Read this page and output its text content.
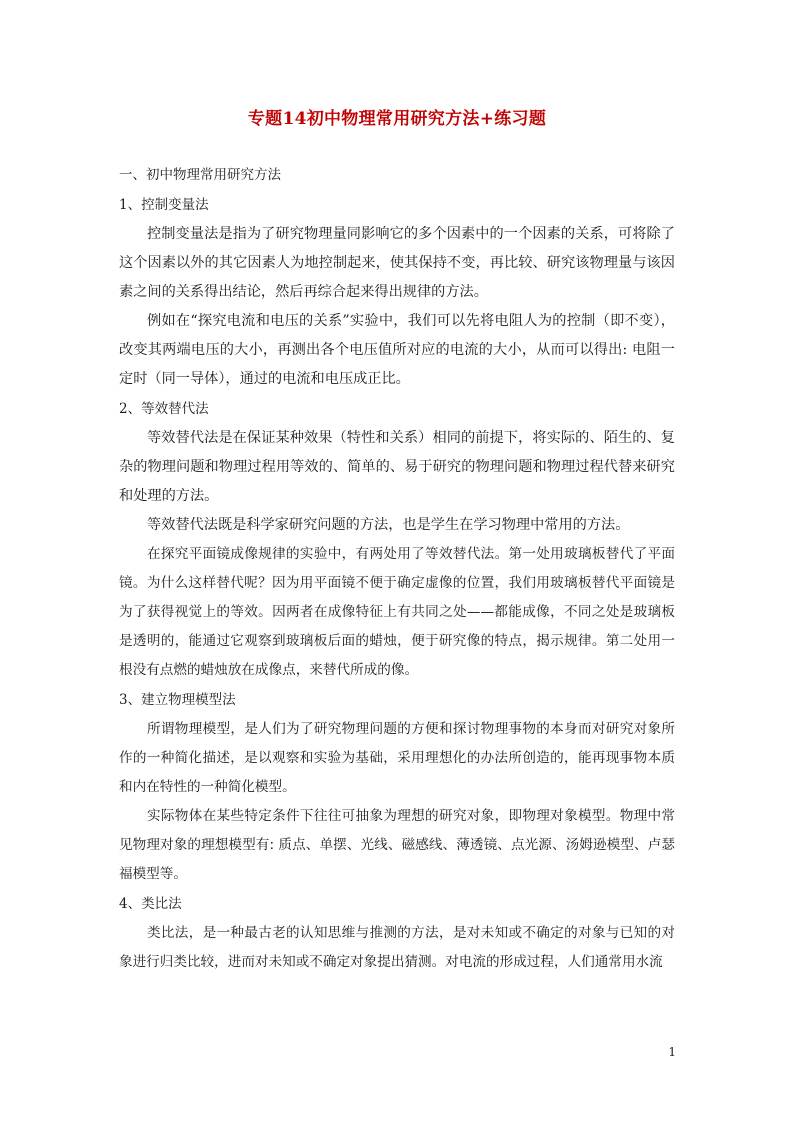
专题14初中物理常用研究方法+练习题
一、初中物理常用研究方法
1、控制变量法

控制变量法是指为了研究物理量同影响它的多个因素中的一个因素的关系，可将除了这个因素以外的其它因素人为地控制起来，使其保持不变，再比较、研究该物理量与该因素之间的关系得出结论，然后再综合起来得出规律的方法。

例如在“探究电流和电压的关系”实验中，我们可以先将电阻人为的控制（即不变），改变其两端电压的大小，再测出各个电压值所对应的电流的大小，从而可以得出: 电阻一定时（同一导体），通过的电流和电压成正比。

2、等效替代法

等效替代法是在保证某种效果（特性和关系）相同的前提下，将实际的、陌生的、复杂的物理问题和物理过程用等效的、简单的、易于研究的物理问题和物理过程代替来研究和处理的方法。

等效替代法既是科学家研究问题的方法，也是学生在学习物理中常用的方法。

在探究平面镜成像规律的实验中，有两处用了等效替代法。第一处用玻璃板替代了平面镜。为什么这样替代呢？因为用平面镜不便于确定虚像的位置，我们用玻璃板替代平面镜是为了获得视觉上的等效。因两者在成像特征上有共同之处——都能成像，不同之处是玻璃板是透明的，能通过它观察到玻璃板后面的蜡烛，便于研究像的特点，揭示规律。第二处用一根没有点燃的蜡烛放在成像点，来替代所成的像。

3、建立物理模型法

所谓物理模型，是人们为了研究物理问题的方便和探讨物理事物的本身而对研究对象所作的一种简化描述，是以观察和实验为基础，采用理想化的办法所创造的，能再现事物本质和内在特性的一种简化模型。

实际物体在某些特定条件下往往可抽象为理想的研究对象，即物理对象模型。物理中常见物理对象的理想模型有: 质点、单摆、光线、磁感线、薄透镜、点光源、汤姆逊模型、卢瑟福模型等。

4、类比法

类比法，是一种最古老的认知思维与推测的方法，是对未知或不确定的对象与已知的对象进行归类比较，进而对未知或不确定对象提出猜测。对电流的形成过程，人们通常用水流

1
